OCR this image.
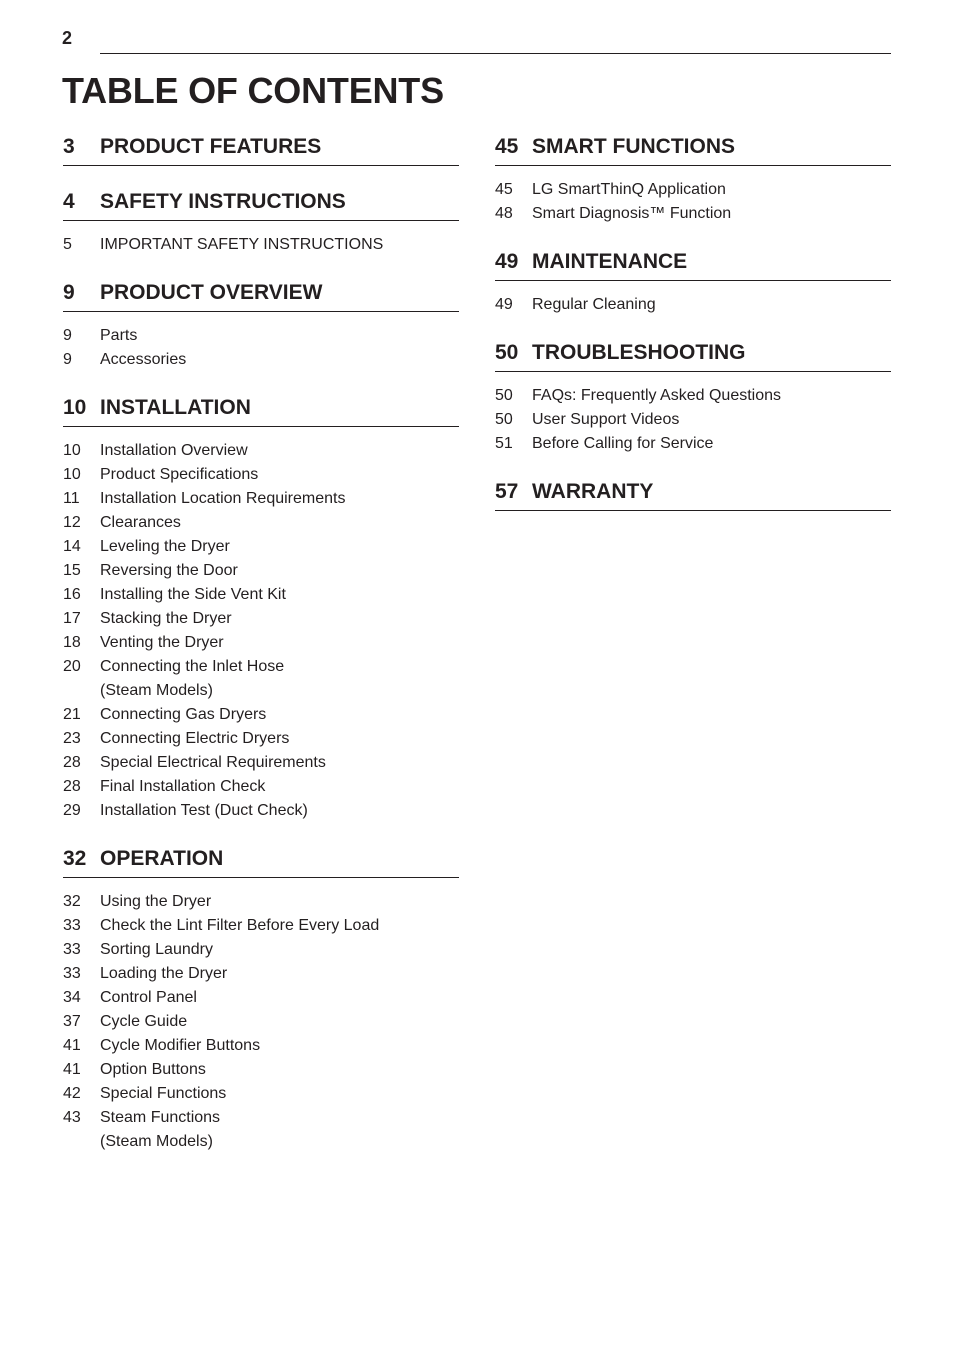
2
TABLE OF CONTENTS
3	PRODUCT FEATURES
4	SAFETY INSTRUCTIONS
5	IMPORTANT SAFETY INSTRUCTIONS
9	PRODUCT OVERVIEW
9	Parts
9	Accessories
10 INSTALLATION
10	Installation Overview
10	Product Specifications
11	Installation Location Requirements
12	Clearances
14	Leveling the Dryer
15	Reversing the Door
16	Installing the Side Vent Kit
17	Stacking the Dryer
18	Venting the Dryer
20	Connecting the Inlet Hose
(Steam Models)
21	Connecting Gas Dryers
23	Connecting Electric Dryers
28	Special Electrical Requirements
28	Final Installation Check
29	Installation Test (Duct Check)
32 OPERATION
32	Using the Dryer
33	Check the Lint Filter Before Every Load
33	Sorting Laundry
33	Loading the Dryer
34	Control Panel
37	Cycle Guide
41	Cycle Modifier Buttons
41	Option Buttons
42	Special Functions
43	Steam Functions
(Steam Models)
45 SMART FUNCTIONS
45	LG SmartThinQ Application
48	Smart Diagnosis™ Function
49 MAINTENANCE
49	Regular Cleaning
50 TROUBLESHOOTING
50	FAQs: Frequently Asked Questions
50	User Support Videos
51	Before Calling for Service
57 WARRANTY
